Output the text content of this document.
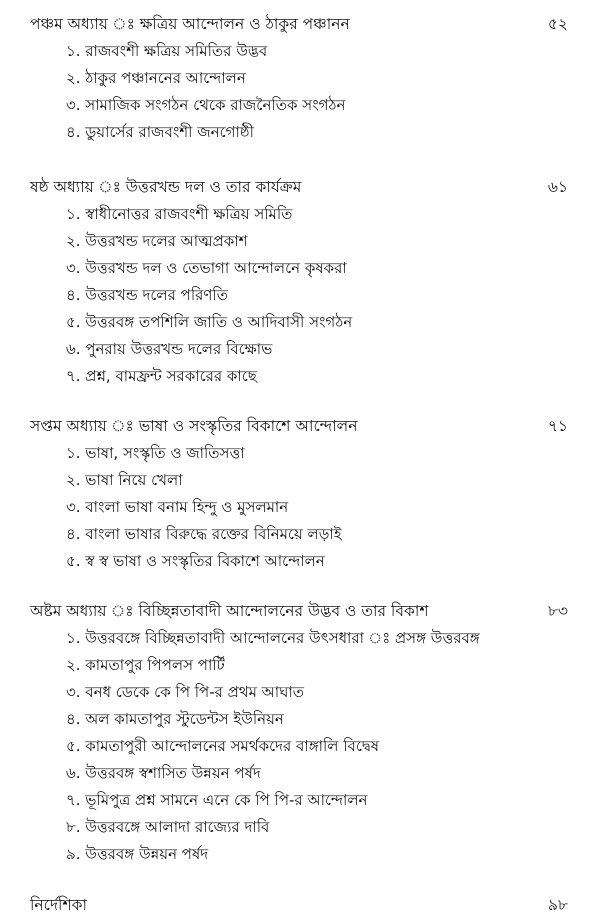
পঞ্চম অধ্যায় ঃ ক্ষত্রিয় আন্দোলন ও ঠাকুর পঞ্চানন	৫২
১. রাজবংশী ক্ষত্রিয় সমিতির উদ্ভব
২. ঠাকুর পঞ্চাননের আন্দোলন
৩. সামাজিক সংগঠন থেকে রাজনৈতিক সংগঠন
৪. ডুয়ার্সের রাজবংশী জনগোষ্ঠী
ষষ্ঠ অধ্যায় ঃ উত্তরখন্ড দল ও তার কার্যক্রম	৬১
১. স্বাধীনোত্তর রাজবংশী ক্ষত্রিয় সমিতি
২. উত্তরখন্ড দলের আত্মপ্রকাশ
৩. উত্তরখন্ড দল ও তেভাগা আন্দোলনে কৃষকরা
৪. উত্তরখন্ড দলের পরিণতি
৫. উত্তরবঙ্গ তপশিলি জাতি ও আদিবাসী সংগঠন
৬. পুনরায় উত্তরখন্ড দলের বিক্ষোভ
৭. প্রশ্ন, বামফ্রন্ট সরকারের কাছে
সপ্তম অধ্যায় ঃ ভাষা ও সংস্কৃতির বিকাশে আন্দোলন	৭১
১. ভাষা, সংস্কৃতি ও জাতিসত্তা
২. ভাষা নিয়ে খেলা
৩. বাংলা ভাষা বনাম হিন্দু ও মুসলমান
৪. বাংলা ভাষার বিরুদ্ধে রক্তের বিনিময়ে লড়াই
৫. স্ব স্ব ভাষা ও সংস্কৃতির বিকাশে আন্দোলন
অষ্টম অধ্যায় ঃ বিচ্ছিন্নতাবাদী আন্দোলনের উদ্ভব ও তার বিকাশ	৮৩
১. উত্তরবঙ্গে বিচ্ছিন্নতাবাদী আন্দোলনের উৎসধারা ঃ প্রসঙ্গ উত্তরবঙ্গ
২. কামতাপুর পিপলস পার্টি
৩. বনধ ডেকে কে পি পি-র প্রথম আঘাত
৪. অল কামতাপুর স্টুডেন্টস ইউনিয়ন
৫. কামতাপুরী আন্দোলনের সমর্থকদের বাঙ্গালি বিদ্বেষ
৬. উত্তরবঙ্গ স্বশাসিত উন্নয়ন পর্ষদ
৭. ভূমিপুত্র প্রশ্ন সামনে এনে কে পি পি-র আন্দোলন
৮. উত্তরবঙ্গে আলাদা রাজ্যের দাবি
৯. উত্তরবঙ্গ উন্নয়ন পর্ষদ
নির্দেশিকা	৯৮
